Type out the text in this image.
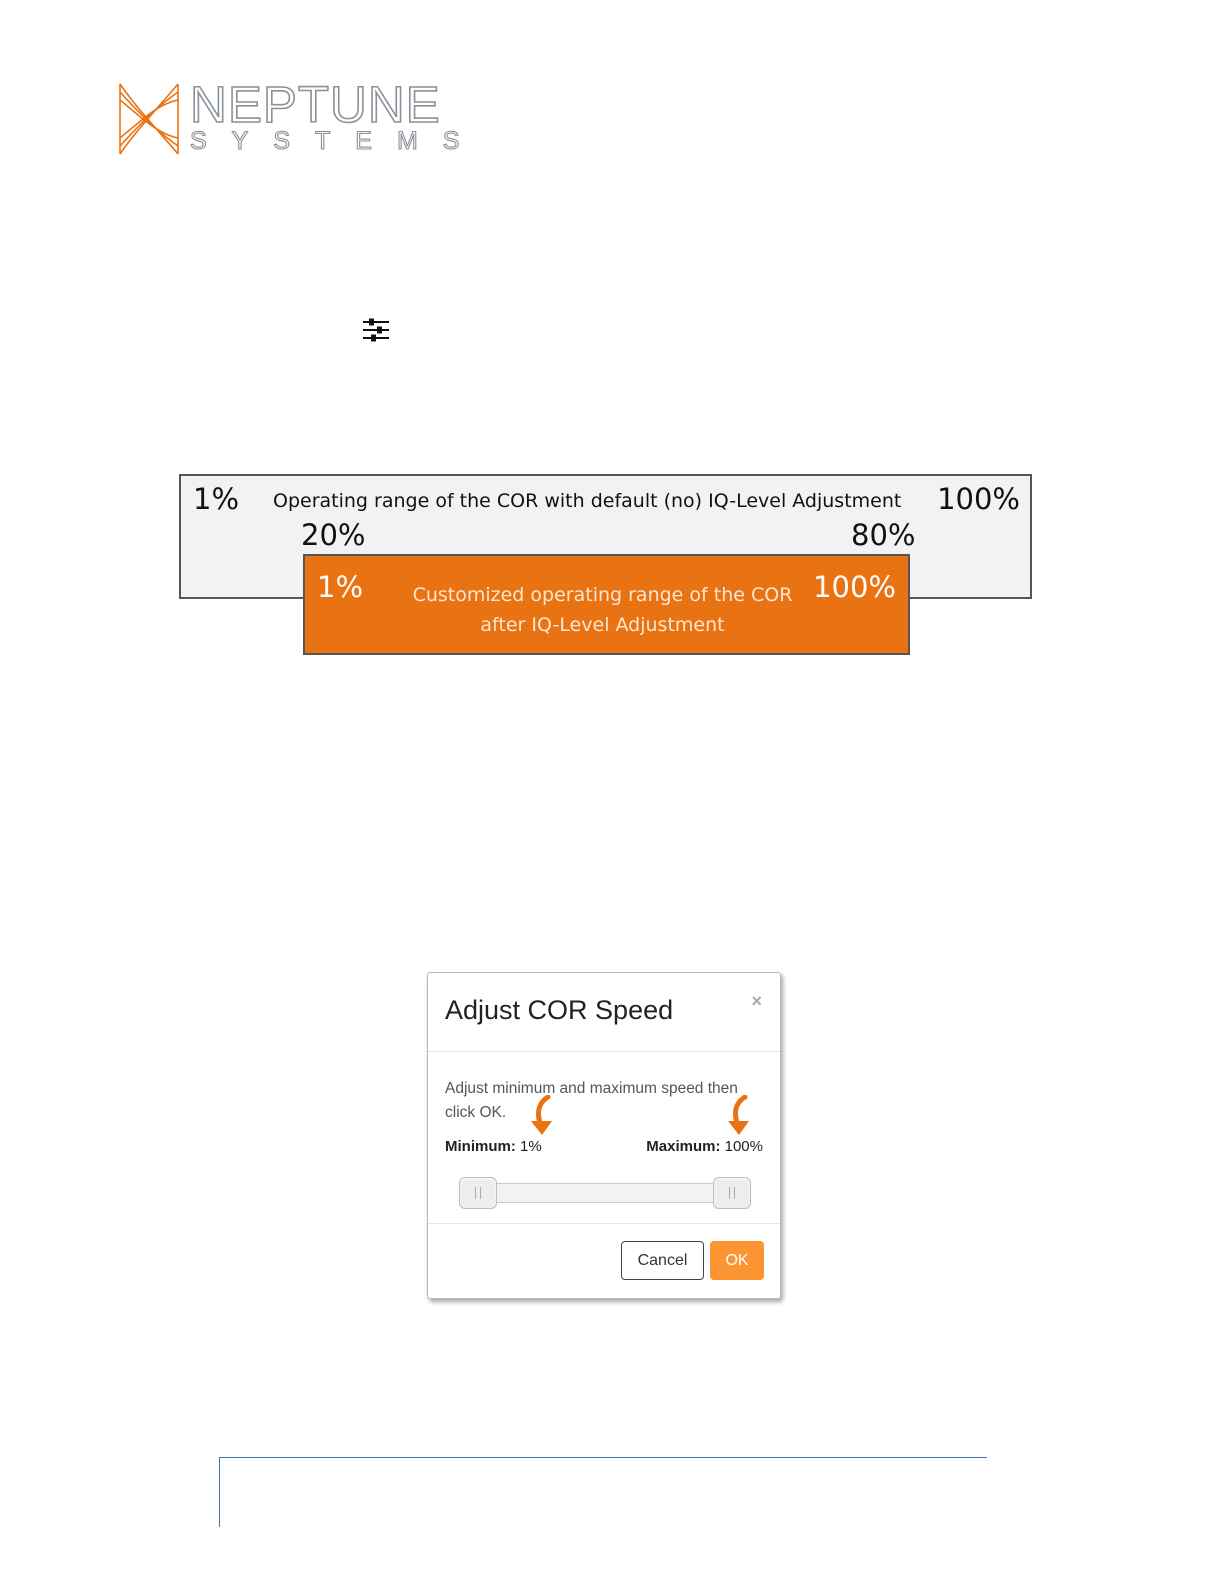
NEPTUNE
SYSTEMS
1% Operating range of the COR with default (no) IQ-Level Adjustment 100%
20%	80%
1%	Customized operating range of the COR
after IQ-Level Adjustment
100%
Adjust COR Speed	×
Adjust minimum and maximum speed then click OK.
Minimum: 1%	Maximum: 100%
Cancel	OK
